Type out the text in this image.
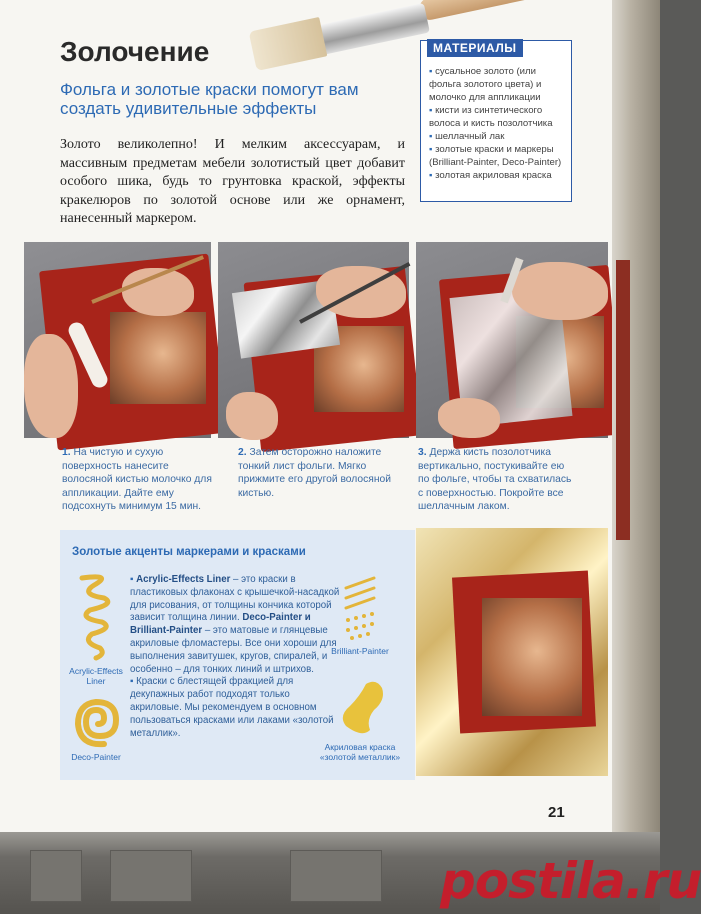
Золочение

Фольга и золотые краски помогут вам создать удивительные эффекты

Золото великолепно! И мелким аксессуарам, и массивным предметам мебели золотистый цвет добавит особого шика, будь то грунтовка краской, эффекты кракелюров по золотой основе или же орнамент, нанесенный маркером.

МАТЕРИАЛЫ
▪ сусальное золото (или фольга золотого цвета) и молочко для аппликации
▪ кисти из синтетического волоса и кисть позолотчика
▪ шеллачный лак
▪ золотые краски и маркеры (Brilliant-Painter, Deco-Painter)
▪ золотая акриловая краска

1. На чистую и сухую поверхность нанесите волосяной кистью молочко для аппликации. Дайте ему подсохнуть минимум 15 мин.

2. Затем осторожно наложите тонкий лист фольги. Мягко прижмите его другой волосяной кистью.

3. Держа кисть позолотчика вертикально, постукивайте ею по фольге, чтобы та схватилась с поверхностью. Покройте все шеллачным лаком.

Золотые акценты маркерами и красками
Acrylic-Effects Liner
Deco-Painter

▪ Acrylic-Effects Liner – это краски в пластиковых флаконах с крышечкой-насадкой для рисования, от толщины кончика которой зависит толщина линии. Deco-Painter и Brilliant-Painter – это матовые и глянцевые акриловые фломастеры. Все они хороши для выполнения завитушек, кругов, спиралей, и особенно – для тонких линий и штрихов.
▪ Краски с блестящей фракцией для декупажных работ подходят только акриловые. Мы рекомендуем в основном пользоваться красками или лаками «золотой металлик».

Brilliant-Painter
Акриловая краска «золотой металлик»
21
postila.ru
